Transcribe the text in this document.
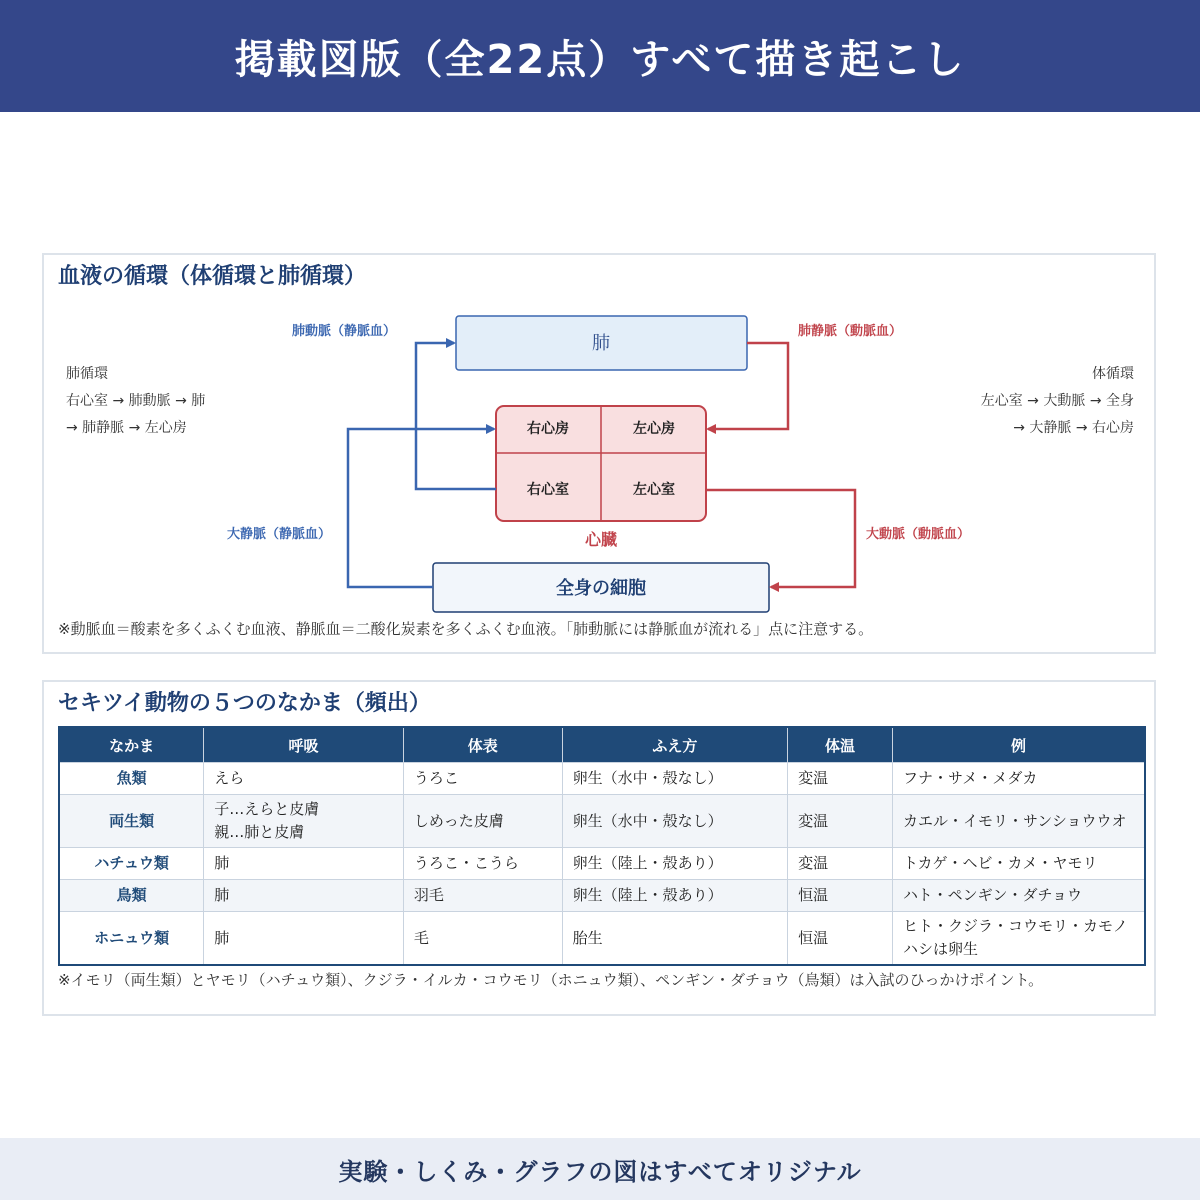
掲載図版（全22点）すべて描き起こし
血液の循環（体循環と肺循環）
肺
右心房	左心房
右心室	左心室
心臓
全身の細胞
肺動脈（静脈血）	肺静脈（動脈血）
大静脈（静脈血）	大動脈（動脈血）
肺循環
右心室 → 肺動脈 → 肺
→ 肺静脈 → 左心房
体循環
左心室 → 大動脈 → 全身
→ 大静脈 → 右心房
※動脈血＝酸素を多くふくむ血液、静脈血＝二酸化炭素を多くふくむ血液。「肺動脈には静脈血が流れる」点に注意する。
セキツイ動物の５つのなかま（頻出）
なかま	呼吸	体表	ふえ方	体温	例
魚類	えら	うろこ	卵生（水中・殻なし）	変温	フナ・サメ・メダカ
両生類	子…えらと皮膚
親…肺と皮膚	しめった皮膚	卵生（水中・殻なし）	変温	カエル・イモリ・サンショウウオ
ハチュウ類	肺	うろこ・こうら	卵生（陸上・殻あり）	変温	トカゲ・ヘビ・カメ・ヤモリ
鳥類	肺	羽毛	卵生（陸上・殻あり）	恒温	ハト・ペンギン・ダチョウ
ホニュウ類	肺	毛	胎生	恒温	ヒト・クジラ・コウモリ・カモノハシは卵生
※イモリ（両生類）とヤモリ（ハチュウ類）、クジラ・イルカ・コウモリ（ホニュウ類）、ペンギン・ダチョウ（鳥類）は入試のひっかけポイント。
実験・しくみ・グラフの図はすべてオリジナル
